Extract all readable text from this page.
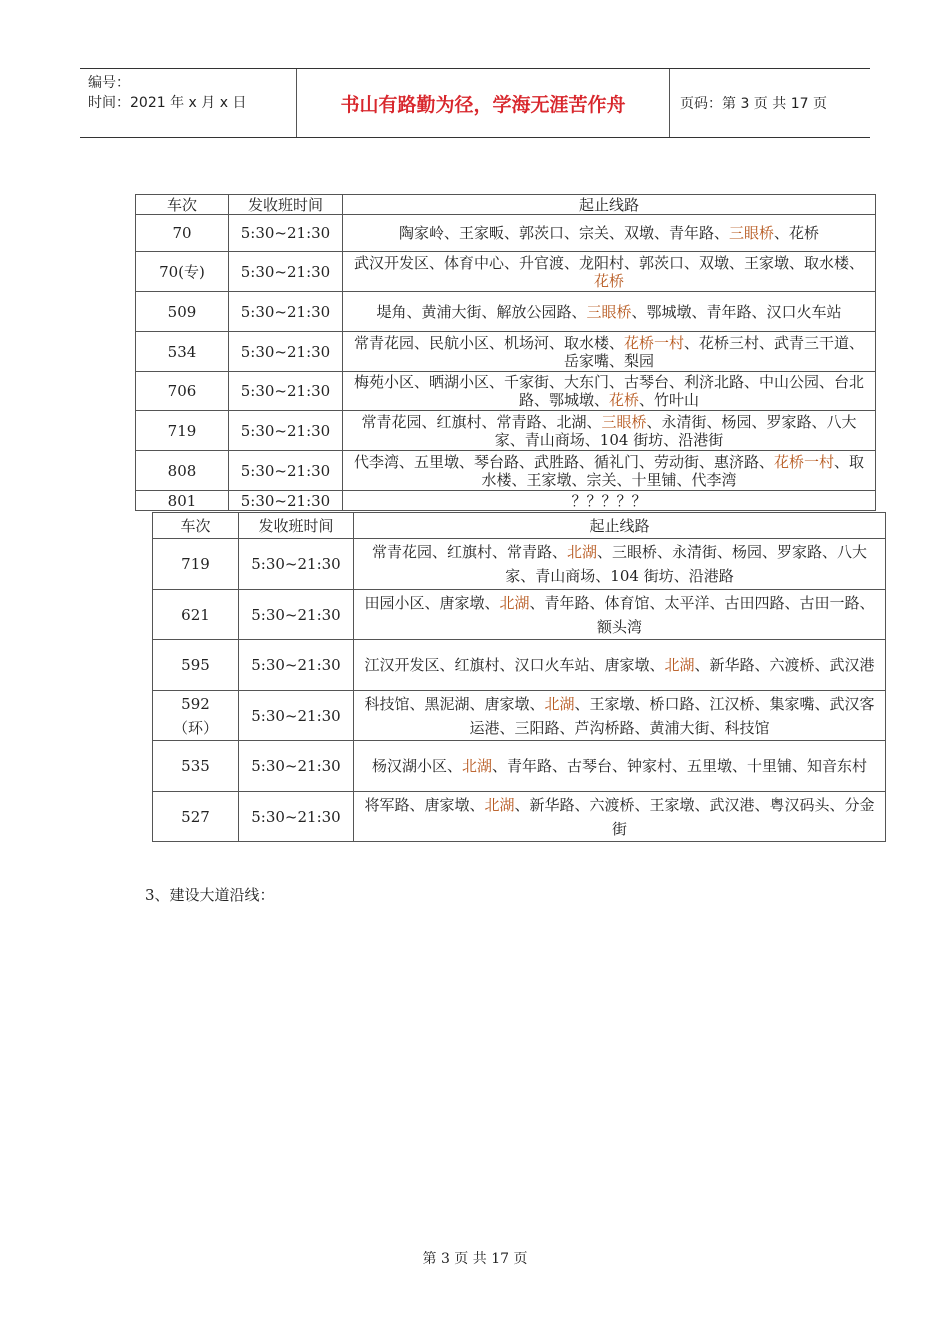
编号：
时间：2021 年 x 月 x 日	书山有路勤为径，学海无涯苦作舟	页码：第 3 页 共 17 页
车次	发收班时间	起止线路
70	5:30~21:30	陶家岭、王家畈、郭茨口、宗关、双墩、青年路、三眼桥、花桥
70(专)	5:30~21:30	武汉开发区、体育中心、升官渡、龙阳村、郭茨口、双墩、王家墩、取水楼、花桥
509	5:30~21:30	堤角、黄浦大街、解放公园路、三眼桥、鄂城墩、青年路、汉口火车站
534	5:30~21:30	常青花园、民航小区、机场河、取水楼、花桥一村、花桥三村、武青三干道、岳家嘴、梨园
706	5:30~21:30	梅苑小区、晒湖小区、千家街、大东门、古琴台、利济北路、中山公园、台北路、鄂城墩、花桥、竹叶山
719	5:30~21:30	常青花园、红旗村、常青路、北湖、三眼桥、永清街、杨园、罗家路、八大家、青山商场、104 街坊、沿港街
808	5:30~21:30	代李湾、五里墩、琴台路、武胜路、循礼门、劳动街、惠济路、花桥一村、取水楼、王家墩、宗关、十里铺、代李湾
801	5:30~21:30	？？？？？
车次	发收班时间	起止线路
719	5:30~21:30	常青花园、红旗村、常青路、北湖、三眼桥、永清街、杨园、罗家路、八大家、青山商场、104 街坊、沿港路
621	5:30~21:30	田园小区、唐家墩、北湖、青年路、体育馆、太平洋、古田四路、古田一路、额头湾
595	5:30~21:30	江汉开发区、红旗村、汉口火车站、唐家墩、北湖、新华路、六渡桥、武汉港
592
（环）	5:30~21:30	科技馆、黑泥湖、唐家墩、北湖、王家墩、桥口路、江汉桥、集家嘴、武汉客运港、三阳路、芦沟桥路、黄浦大街、科技馆
535	5:30~21:30	杨汉湖小区、北湖、青年路、古琴台、钟家村、五里墩、十里铺、知音东村
527	5:30~21:30	将军路、唐家墩、北湖、新华路、六渡桥、王家墩、武汉港、粤汉码头、分金街
3、建设大道沿线：
第 3 页 共 17 页
